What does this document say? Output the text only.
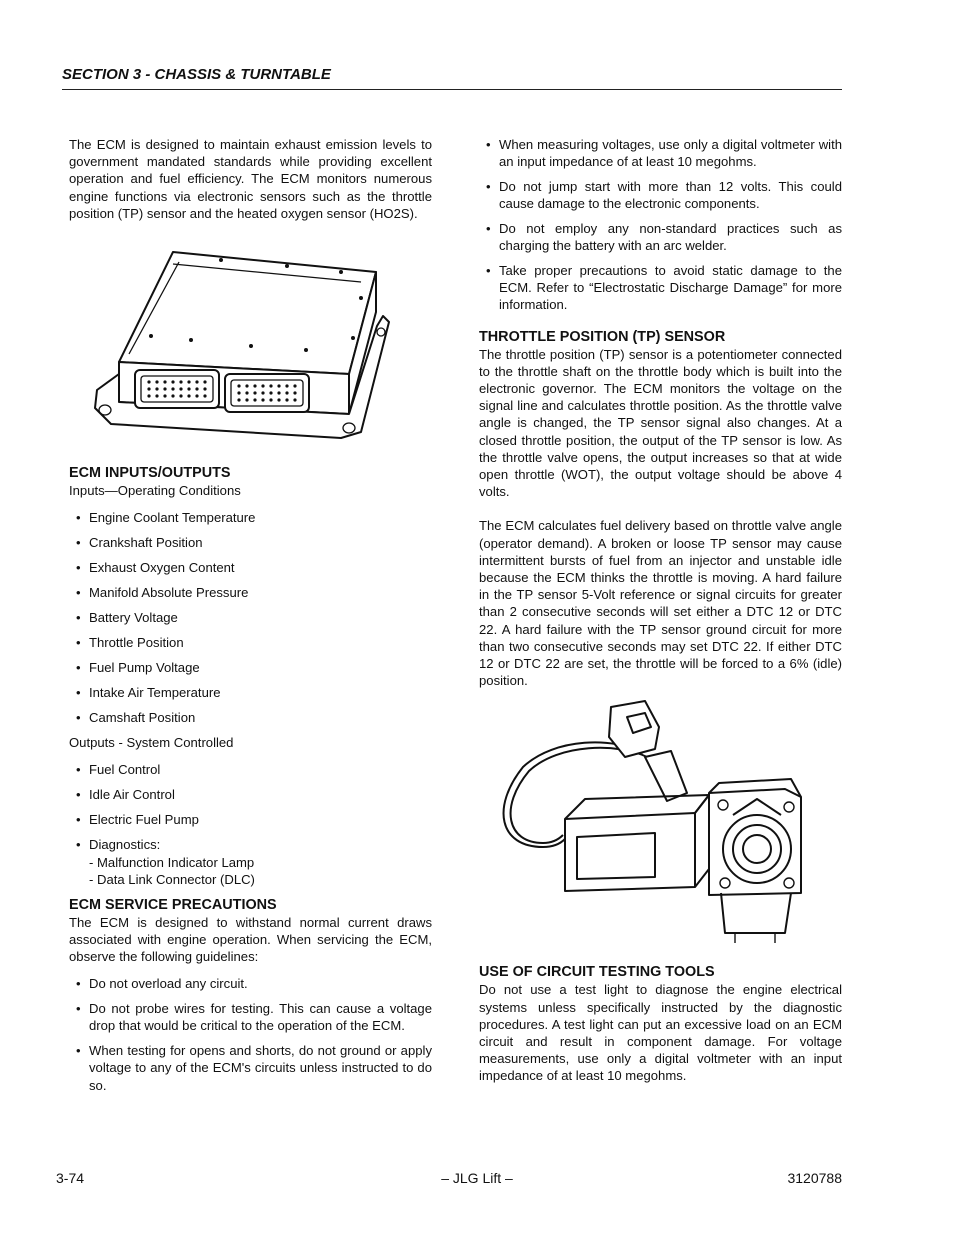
SECTION 3 - CHASSIS & TURNTABLE

The ECM is designed to maintain exhaust emission levels to government mandated standards while providing excellent operation and fuel efficiency. The ECM monitors numerous engine functions via electronic sensors such as the throttle position (TP) sensor and the heated oxygen sensor (HO2S).

ECM INPUTS/OUTPUTS

Inputs—Operating Conditions

• Engine Coolant Temperature
• Crankshaft Position
• Exhaust Oxygen Content
• Manifold Absolute Pressure
• Battery Voltage
• Throttle Position
• Fuel Pump Voltage
• Intake Air Temperature
• Camshaft Position

Outputs - System Controlled

• Fuel Control
• Idle Air Control
• Electric Fuel Pump
• Diagnostics:
- Malfunction Indicator Lamp
- Data Link Connector (DLC)
ECM SERVICE PRECAUTIONS

The ECM is designed to withstand normal current draws associated with engine operation. When servicing the ECM, observe the following guidelines:

• Do not overload any circuit.
• Do not probe wires for testing. This can cause a voltage drop that would be critical to the operation of the ECM.
• When testing for opens and shorts, do not ground or apply voltage to any of the ECM's circuits unless instructed to do so.
• When measuring voltages, use only a digital voltmeter with an input impedance of at least 10 megohms.
• Do not jump start with more than 12 volts. This could cause damage to the electronic components.
• Do not employ any non-standard practices such as charging the battery with an arc welder.
• Take proper precautions to avoid static damage to the ECM. Refer to “Electrostatic Discharge Damage” for more information.
THROTTLE POSITION (TP) SENSOR

The throttle position (TP) sensor is a potentiometer connected to the throttle shaft on the throttle body which is built into the electronic governor. The ECM monitors the voltage on the signal line and calculates throttle position. As the throttle valve angle is changed, the TP sensor signal also changes. At a closed throttle position, the output of the TP sensor is low. As the throttle valve opens, the output increases so that at wide open throttle (WOT), the output voltage should be above 4 volts.

The ECM calculates fuel delivery based on throttle valve angle (operator demand). A broken or loose TP sensor may cause intermittent bursts of fuel from an injector and unstable idle because the ECM thinks the throttle is moving. A hard failure in the TP sensor 5-Volt reference or signal circuits for greater than 2 consecutive seconds will set either a DTC 12 or DTC 22. A hard failure with the TP sensor ground circuit for more than two consecutive seconds may set DTC 22. If either DTC 12 or DTC 22 are set, the throttle will be forced to a 6% (idle) position.

USE OF CIRCUIT TESTING TOOLS

Do not use a test light to diagnose the engine electrical systems unless specifically instructed by the diagnostic procedures. A test light can put an excessive load on an ECM circuit and result in component damage. For voltage measurements, use only a digital voltmeter with an input impedance of at least 10 megohms.

3-74	– JLG Lift –	3120788
